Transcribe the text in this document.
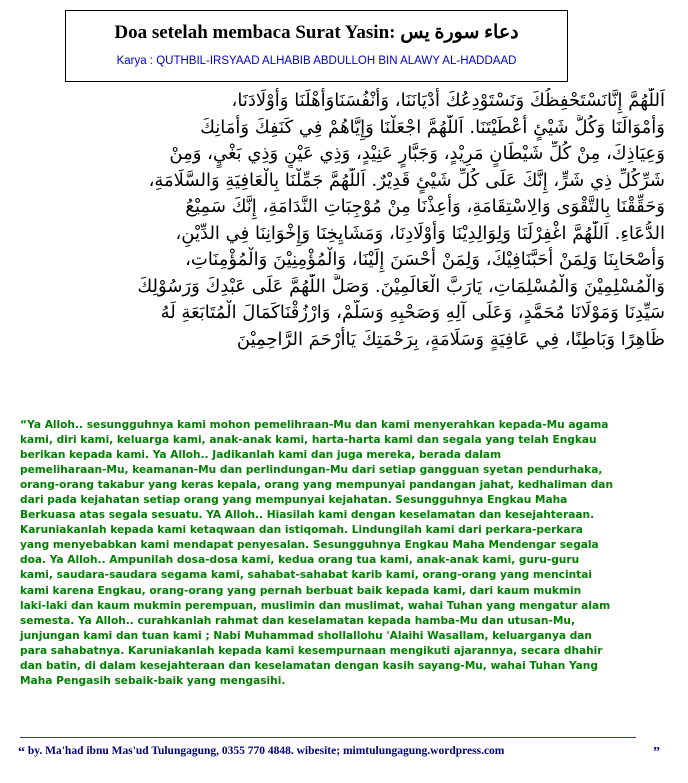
Doa setelah membaca Surat Yasin: دعاء سورة يس
Karya : QUTHBIL-IRSYAAD ALHABIB ABDULLOH BIN ALAWY AL-HADDAAD
اَللّٰهُمَّ إِنَّانَسْتَحْفِظُكَ وَنَسْتَوْدِعُكَ أَدْيَانَنَا، وَأَنْفُسَنَاوَأَهْلَنَا وَأَوْلَادَنَا،
وَأَمْوَالَنَا وَكُلَّ شَيْئٍ أَعْطَيْتَنَا. اَللّٰهُمَّ اجْعَلْنَا وَإِيَّاهُمْ فِي كَنَفِكَ وَأَمَانِكَ
وَعِيَاذِكَ، مِنْ كُلِّ شَيْطَانٍ مَرِيْدٍ، وَجَبَّارٍ عَنِيْدٍ، وَذِي عَيْنٍ وَذِي بَغْيٍ، وَمِنْ
شَرِّكُلِّ ذِي شَرٍّ، إِنَّكَ عَلَى كُلِّ شَيْئٍ قَدِيْرٌ. اَللّٰهُمَّ جَمِّلْنَا بِالْعَافِيَةِ وَالسَّلَامَةِ،
وَحَقِّقْنَا بِالتَّقْوَى وَالِاسْتِقَامَةِ، وَأَعِذْنَا مِنْ مُوْجِبَاتِ النَّدَامَةِ، إِنَّكَ سَمِيْعُ
الدُّعَاءِ. اَللّٰهُمَّ اغْفِرْلَنَا وَلِوَالِدِيْنَا وَأَوْلَادِنَا، وَمَشَايِخِنَا وَإِخْوَانِنَا فِي الدِّيْنِ،
وَأَصْحَابِنَا وَلِمَنْ أَحَبَّنَافِيْكَ، وَلِمَنْ أَحْسَنَ إِلَيْنَا، وَالْمُؤْمِنِيْنَ وَالْمُؤْمِنَاتِ،
وَالْمُسْلِمِيْنَ وَالْمُسْلِمَاتِ، يَارَبَّ الْعَالَمِيْنَ. وَصَلَّ اللّٰهُمَّ عَلَى عَبْدِكَ وَرَسُوْلِكَ
سَيِّدِنَا وَمَوْلَانَا مُحَمَّدٍ، وَعَلَى آلِهِ وَصَحْبِهِ وَسَلَّمْ، وَارْزُقْنَاكَمَالَ الْمُتَابَعَةِ لَهُ
ظَاهِرًا وَبَاطِنًا، فِي عَافِيَةٍ وَسَلَامَةٍ، بِرَحْمَتِكَ يَاأَرْحَمَ الرَّاحِمِيْنَ
“Ya Alloh.. sesungguhnya kami mohon pemelihraan-Mu dan kami menyerahkan kepada-Mu agama
kami, diri kami, keluarga kami, anak-anak kami, harta-harta kami dan segala yang telah Engkau
berikan kepada kami. Ya Alloh.. Jadikanlah kami dan juga mereka, berada dalam
pemeliharaan-Mu, keamanan-Mu dan perlindungan-Mu dari setiap gangguan syetan pendurhaka,
orang-orang takabur yang keras kepala, orang yang mempunyai pandangan jahat, kedhaliman dan
dari pada kejahatan setiap orang yang mempunyai kejahatan. Sesungguhnya Engkau Maha
Berkuasa atas segala sesuatu. YA Alloh.. Hiasilah kami dengan keselamatan dan kesejahteraan.
Karuniakanlah kepada kami ketaqwaan dan istiqomah. Lindungilah kami dari perkara-perkara
yang menyebabkan kami mendapat penyesalan. Sesungguhnya Engkau Maha Mendengar segala
doa. Ya Alloh.. Ampunilah dosa-dosa kami, kedua orang tua kami, anak-anak kami, guru-guru
kami, saudara-saudara segama kami, sahabat-sahabat karib kami, orang-orang yang mencintai
kami karena Engkau, orang-orang yang pernah berbuat baik kepada kami, dari kaum mukmin
laki-laki dan kaum mukmin perempuan, muslimin dan muslimat, wahai Tuhan yang mengatur alam
semesta. Ya Alloh.. curahkanlah rahmat dan keselamatan kepada hamba-Mu dan utusan-Mu,
junjungan kami dan tuan kami ; Nabi Muhammad shollallohu 'Alaihi Wasallam, keluarganya dan
para sahabatnya. Karuniakanlah kepada kami kesempurnaan mengikuti ajarannya, secara dhahir
dan batin, di dalam kesejahteraan dan keselamatan dengan kasih sayang-Mu, wahai Tuhan Yang
Maha Pengasih sebaik-baik yang mengasihi.
“ by. Ma'had ibnu Mas'ud Tulungagung, 0355 770 4848. wibesite; mimtulungagung.wordpress.com	”
